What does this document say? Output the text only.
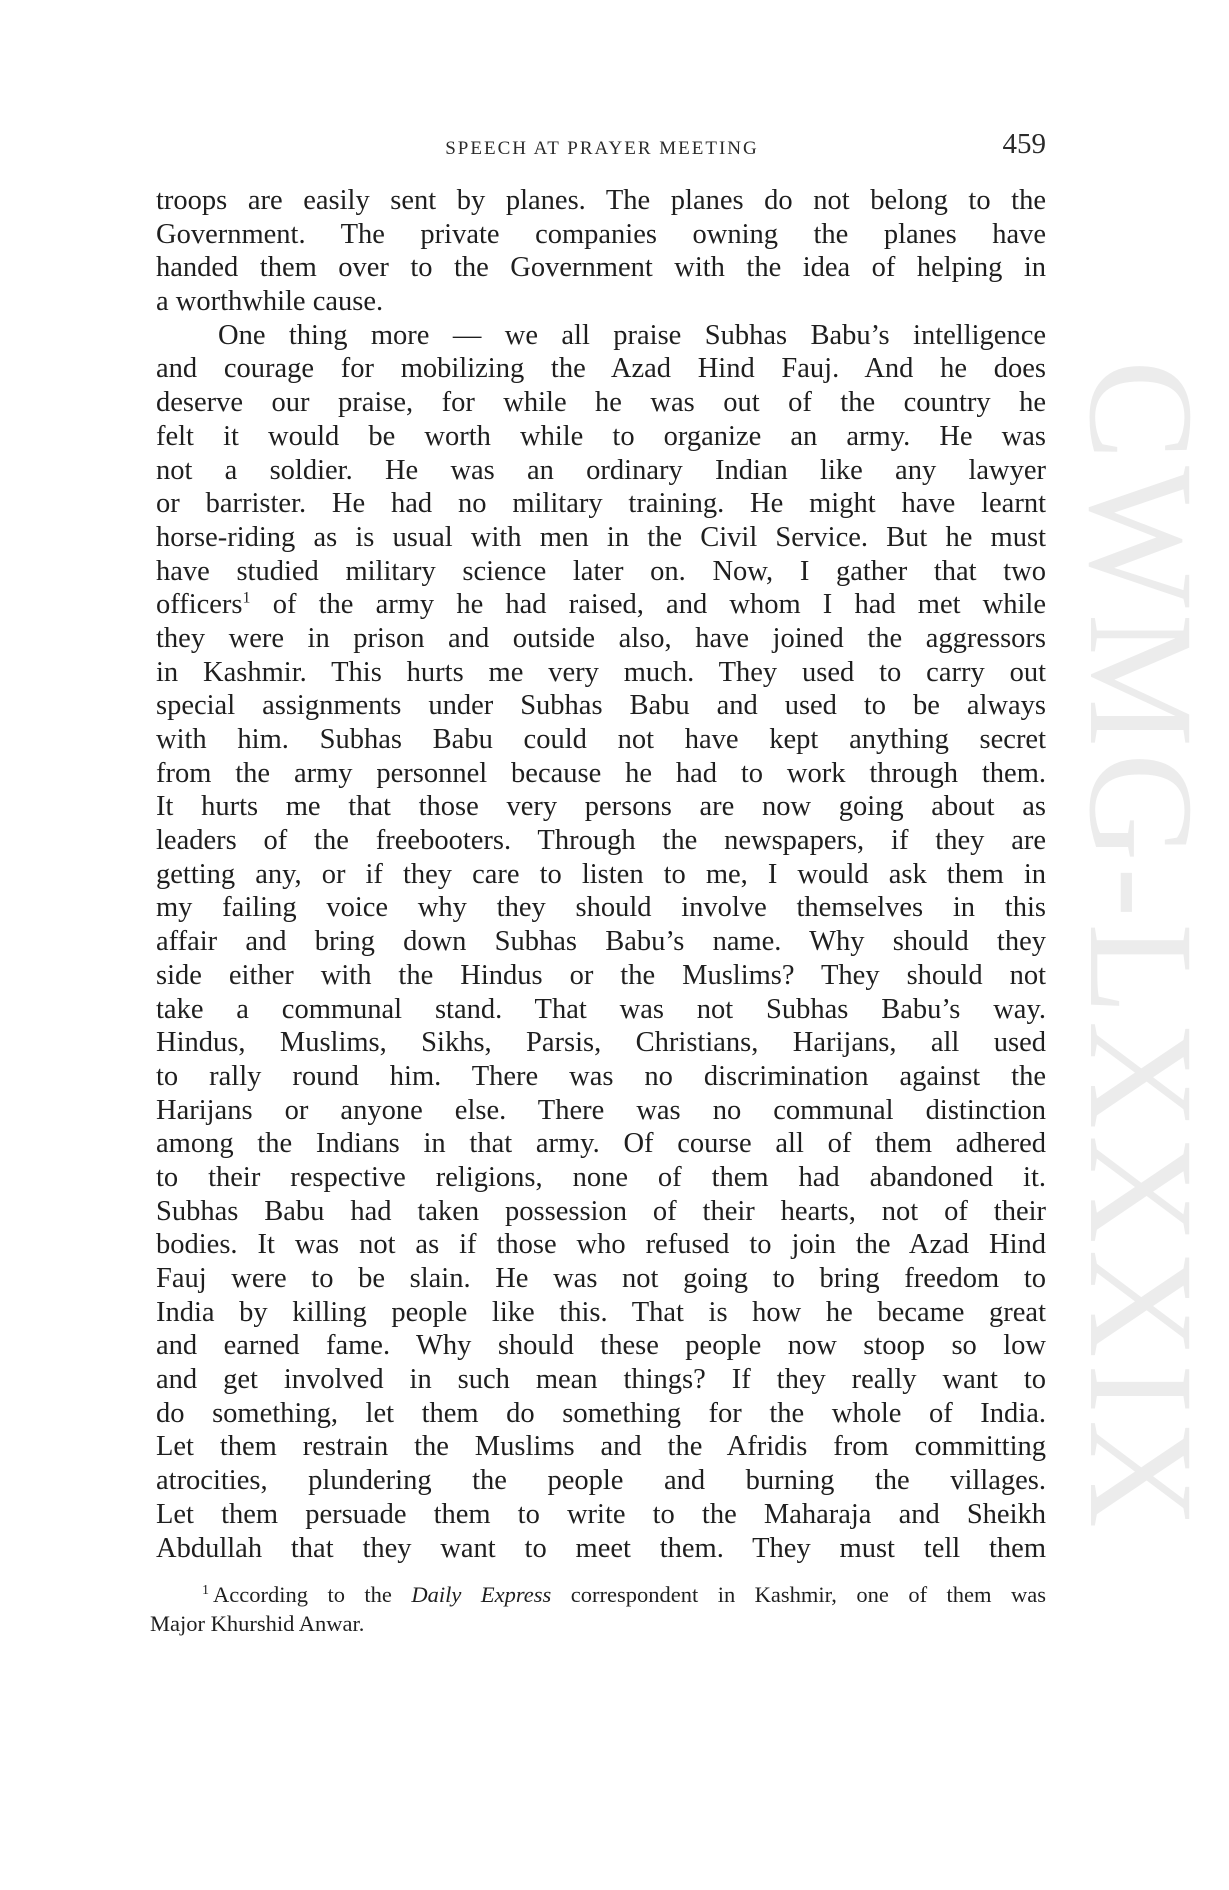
CWMG-LXXXIX
SPEECH AT PRAYER MEETING	459
troops are easily sent by planes. The planes do not belong to the
Government. The private companies owning the planes have
handed them over to the Government with the idea of helping in
a worthwhile cause.
One thing more — we all praise Subhas Babu’s intelligence
and courage for mobilizing the Azad Hind Fauj. And he does
deserve our praise, for while he was out of the country he
felt it would be worth while to organize an army. He was
not a soldier. He was an ordinary Indian like any lawyer
or barrister. He had no military training. He might have learnt
horse-riding as is usual with men in the Civil Service. But he must
have studied military science later on. Now, I gather that two
officers$^1$ of the army he had raised, and whom I had met while
they were in prison and outside also, have joined the aggressors
in Kashmir. This hurts me very much. They used to carry out
special assignments under Subhas Babu and used to be always
with him. Subhas Babu could not have kept anything secret
from the army personnel because he had to work through them.
It hurts me that those very persons are now going about as
leaders of the freebooters. Through the newspapers, if they are
getting any, or if they care to listen to me, I would ask them in
my failing voice why they should involve themselves in this
affair and bring down Subhas Babu’s name. Why should they
side either with the Hindus or the Muslims? They should not
take a communal stand. That was not Subhas Babu’s way.
Hindus, Muslims, Sikhs, Parsis, Christians, Harijans, all used
to rally round him. There was no discrimination against the
Harijans or anyone else. There was no communal distinction
among the Indians in that army. Of course all of them adhered
to their respective religions, none of them had abandoned it.
Subhas Babu had taken possession of their hearts, not of their
bodies. It was not as if those who refused to join the Azad Hind
Fauj were to be slain. He was not going to bring freedom to
India by killing people like this. That is how he became great
and earned fame. Why should these people now stoop so low
and get involved in such mean things? If they really want to
do something, let them do something for the whole of India.
Let them restrain the Muslims and the Afridis from committing
atrocities, plundering the people and burning the villages.
Let them persuade them to write to the Maharaja and Sheikh
Abdullah that they want to meet them. They must tell them
$^1$ According to the Daily Express correspondent in Kashmir, one of them was
Major Khurshid Anwar.
